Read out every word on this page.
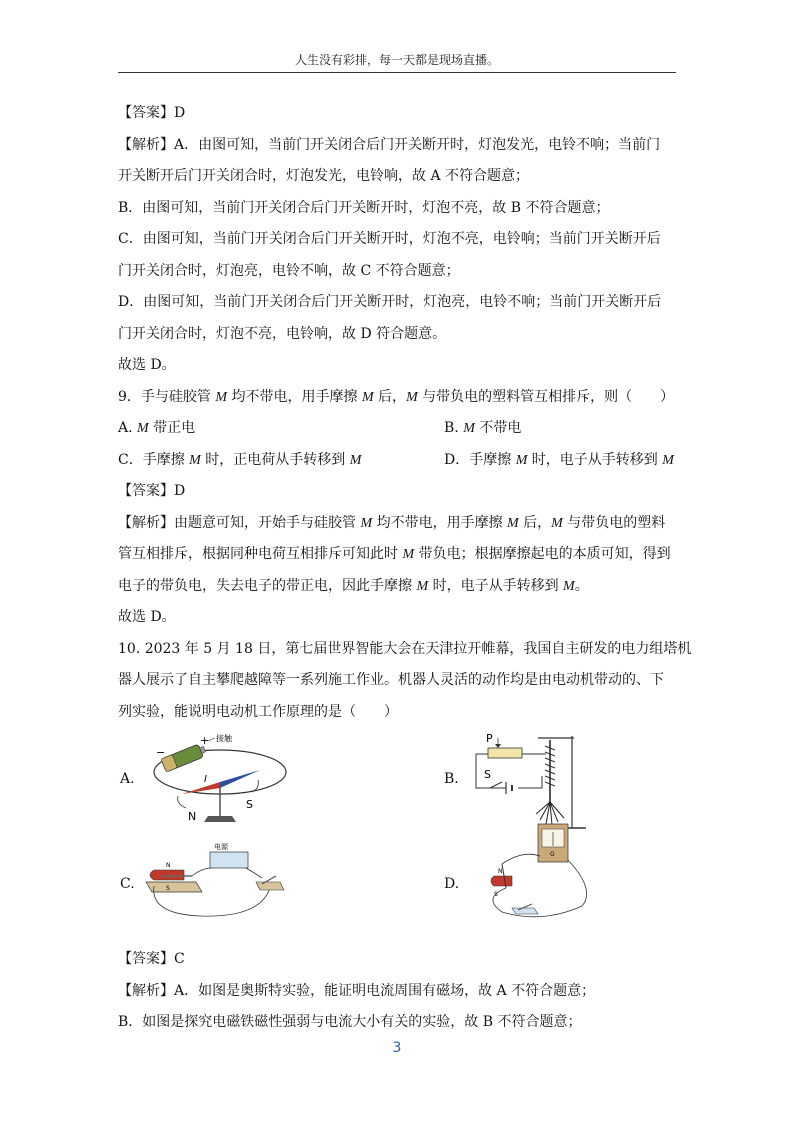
人生没有彩排，每一天都是现场直播。
【答案】D
【解析】A．由图可知，当前门开关闭合后门开关断开时，灯泡发光，电铃不响；当前门
开关断开后门开关闭合时，灯泡发光，电铃响，故 A 不符合题意；
B．由图可知，当前门开关闭合后门开关断开时，灯泡不亮，故 B 不符合题意；
C．由图可知，当前门开关闭合后门开关断开时，灯泡不亮，电铃响；当前门开关断开后
门开关闭合时，灯泡亮，电铃不响，故 C 不符合题意；
D．由图可知，当前门开关闭合后门开关断开时，灯泡亮，电铃不响；当前门开关断开后
门开关闭合时，灯泡不亮，电铃响，故 D 符合题意。
故选 D。
9．手与硅胶管 M 均不带电，用手摩擦 M 后，M 与带负电的塑料管互相排斥，则（　　）
A. M 带正电	B. M 不带电
C．手摩擦 M 时，正电荷从手转移到 M	D．手摩擦 M 时，电子从手转移到 M
【答案】D
【解析】由题意可知，开始手与硅胶管 M 均不带电，用手摩擦 M 后，M 与带负电的塑料
管互相排斥，根据同种电荷互相排斥可知此时 M 带负电；根据摩擦起电的本质可知，得到
电子的带负电，失去电子的带正电，因此手摩擦 M 时，电子从手转移到 M。
故选 D。
10. 2023 年 5 月 18 日，第七届世界智能大会在天津拉开帷幕，我国自主研发的电力组塔机
器人展示了自主攀爬越障等一系列施工作业。机器人灵活的动作均是由电动机带动的、下
列实验，能说明电动机工作原理的是（　　）
A.
−
+ 接触
I
N
S
B.
P
S
C.
N
S
电源
D.
G
N
S
【答案】C
【解析】A．如图是奥斯特实验，能证明电流周围有磁场，故 A 不符合题意；
B．如图是探究电磁铁磁性强弱与电流大小有关的实验，故 B 不符合题意；
3
